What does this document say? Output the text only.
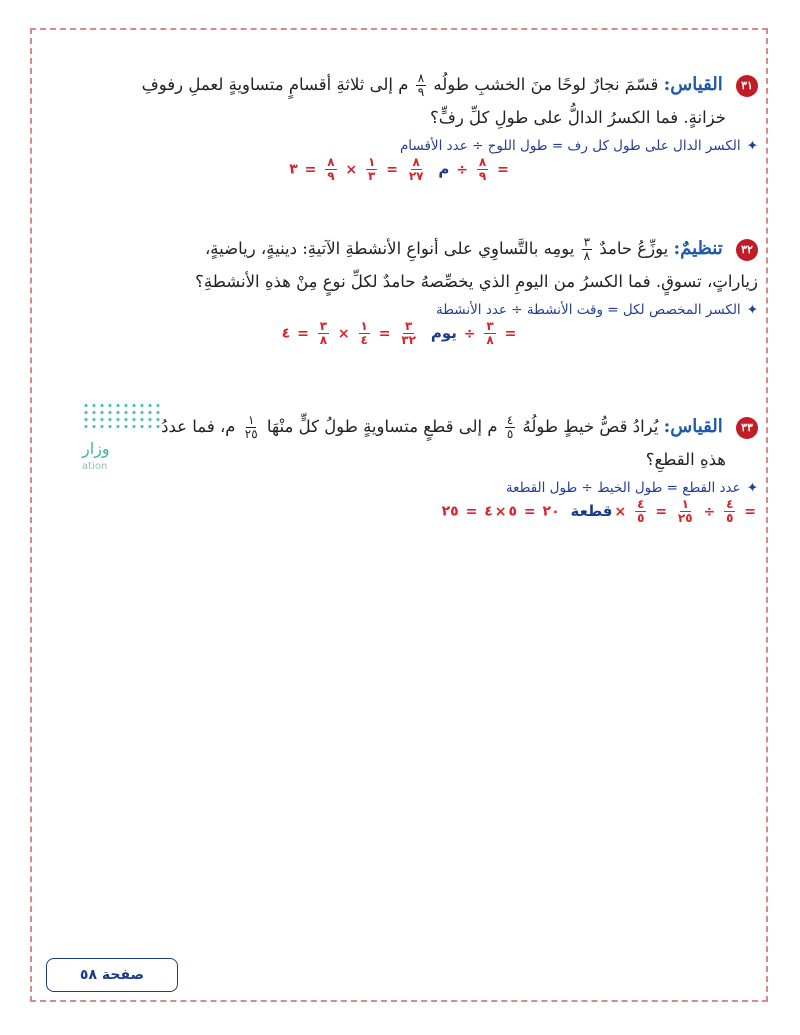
٣١ القياس: قسّمَ نجارٌ لوحًا منَ الخشبِ طولُه
$\frac{٨}{٩}$
م إلى ثلاثةِ أقسامٍ متساويةٍ لعملِ رفوفِ

خزانةٍ. فما الكسرُ الدالُّ على طولِ كلِّ رفٍّ؟

✦الكسر الدال على طول كل رف = طول اللوح ÷ عدد الأقسام
م
$\frac{٨}{٢٧}$
=
$\frac{١}{٣}$
×
$\frac{٨}{٩}$
= ٣	÷ $\frac{٨}{٩}$ =

٣٢ تنظيمٌ: يوزِّعُ حامدٌ
$\frac{٣}{٨}$
يومِه بالتَّساوِي على أنواعِ الأنشطةِ الآتيةِ: دينيةٍ، رياضيةٍ،

زياراتٍ، تسوقٍ. فما الكسرُ من اليومِ الذي يخصِّصهُ حامدٌ لكلِّ نوعٍ مِنْ هذهِ الأنشطةِ؟

✦الكسر المخصص لكل = وقت الأنشطة ÷ عدد الأنشطة
يوم
$\frac{٣}{٣٢}$
=
$\frac{١}{٤}$
×
$\frac{٣}{٨}$
= ٤	÷ $\frac{٣}{٨}$ =

٣٣ القياس: يُرادُ قصُّ خيطٍ طولُهُ
$\frac{٤}{٥}$
م إلى قطعٍ متساويةٍ طولُ كلٍّ منْهَا
$\frac{١}{٢٥}$
م، فما عددُ

هذهِ القطعِ؟

✦عدد القطع = طول الخيط ÷ طول القطعة
قطعة ٢٠ = ٥×٤ = ٢٥	× $\frac{٤}{٥} = \frac{١}{٢٥} \div \frac{٤}{٥}$ =
وزار
ation
صفحة ٥٨
